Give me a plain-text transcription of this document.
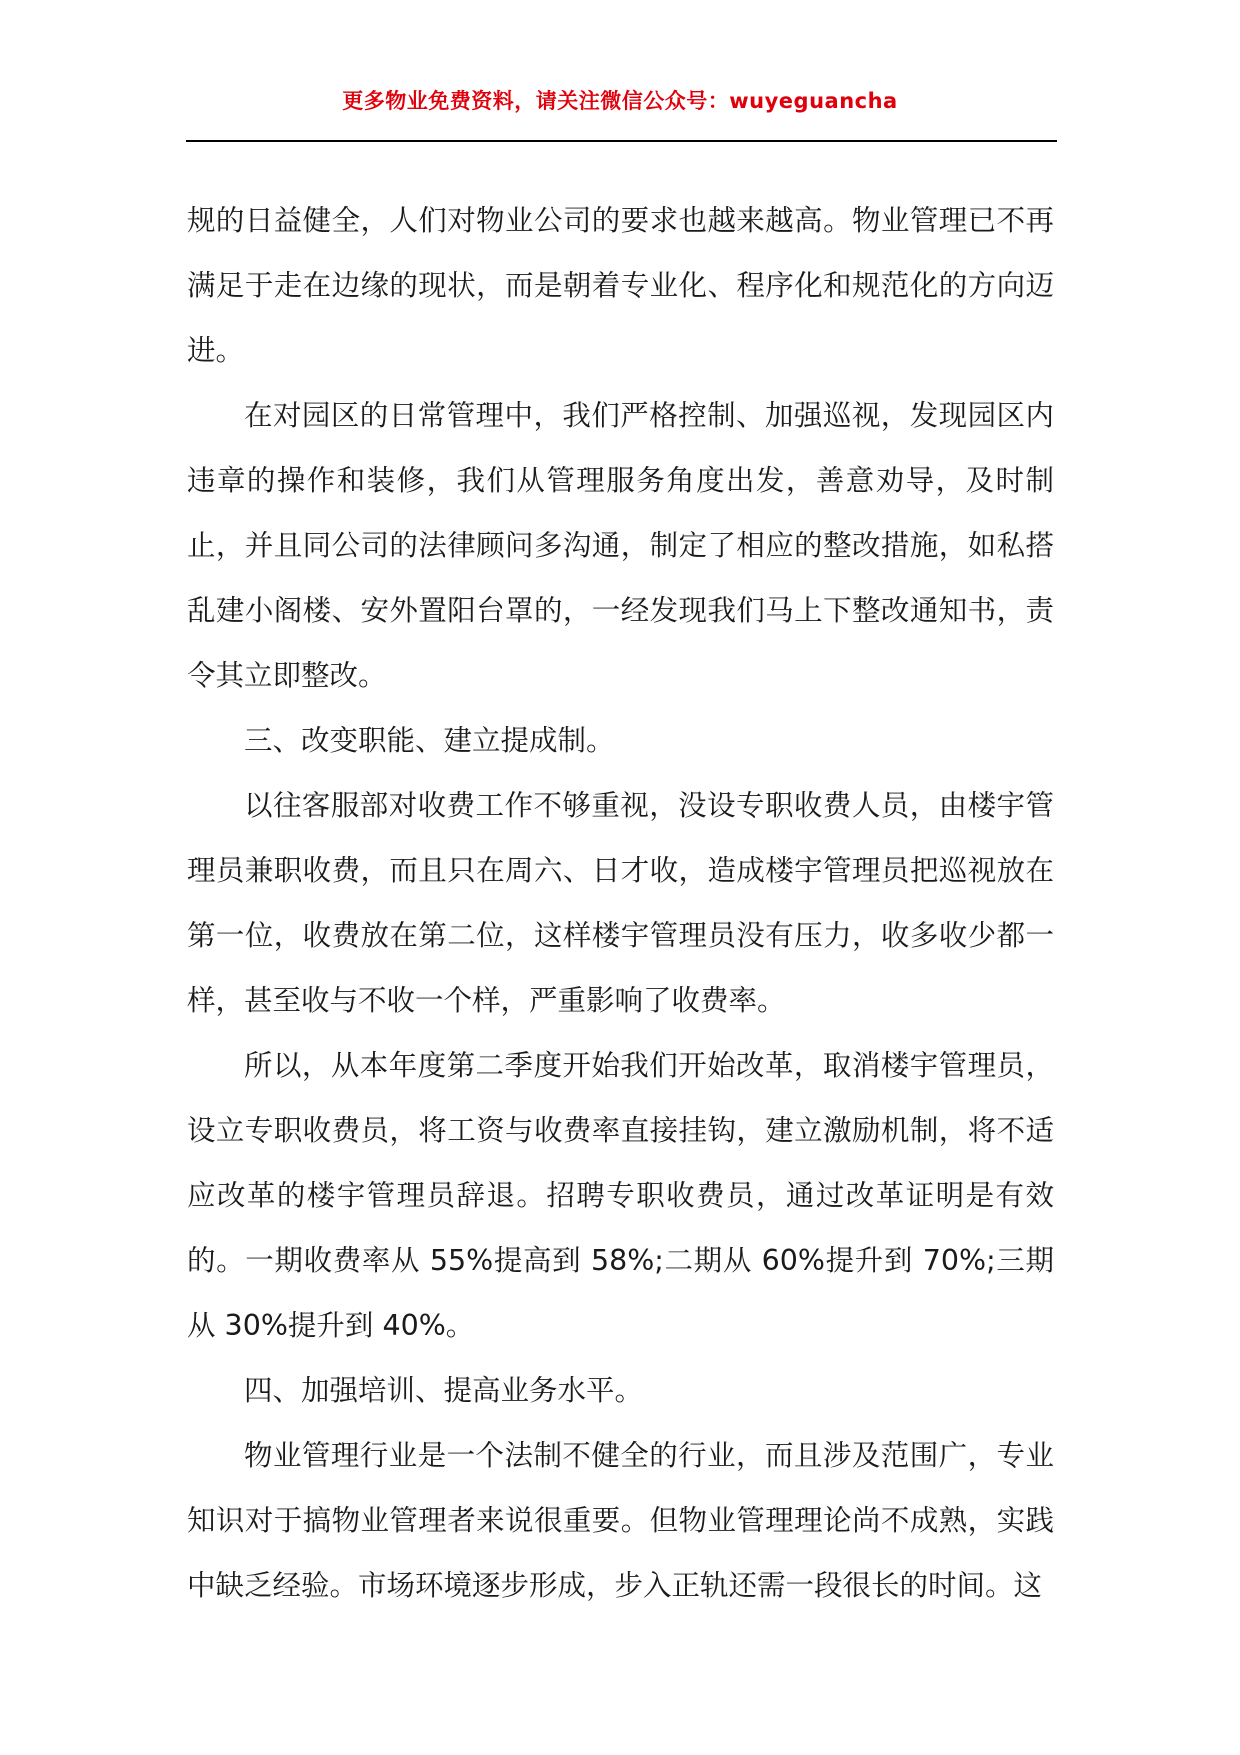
更多物业免费资料，请关注微信公众号：wuyeguancha

规的日益健全，人们对物业公司的要求也越来越高。物业管理已不再满足于走在边缘的现状，而是朝着专业化、程序化和规范化的方向迈进。

在对园区的日常管理中，我们严格控制、加强巡视，发现园区内违章的操作和装修，我们从管理服务角度出发，善意劝导，及时制止，并且同公司的法律顾问多沟通，制定了相应的整改措施，如私搭乱建小阁楼、安外置阳台罩的，一经发现我们马上下整改通知书，责令其立即整改。

三、改变职能、建立提成制。

以往客服部对收费工作不够重视，没设专职收费人员，由楼宇管理员兼职收费，而且只在周六、日才收，造成楼宇管理员把巡视放在第一位，收费放在第二位，这样楼宇管理员没有压力，收多收少都一样，甚至收与不收一个样，严重影响了收费率。

所以，从本年度第二季度开始我们开始改革，取消楼宇管理员，设立专职收费员，将工资与收费率直接挂钩，建立激励机制，将不适应改革的楼宇管理员辞退。招聘专职收费员，通过改革证明是有效的。一期收费率从 55%提高到 58%;二期从 60%提升到 70%;三期从 30%提升到 40%。

四、加强培训、提高业务水平。

物业管理行业是一个法制不健全的行业，而且涉及范围广，专业知识对于搞物业管理者来说很重要。但物业管理理论尚不成熟，实践中缺乏经验。市场环境逐步形成，步入正轨还需一段很长的时间。这
